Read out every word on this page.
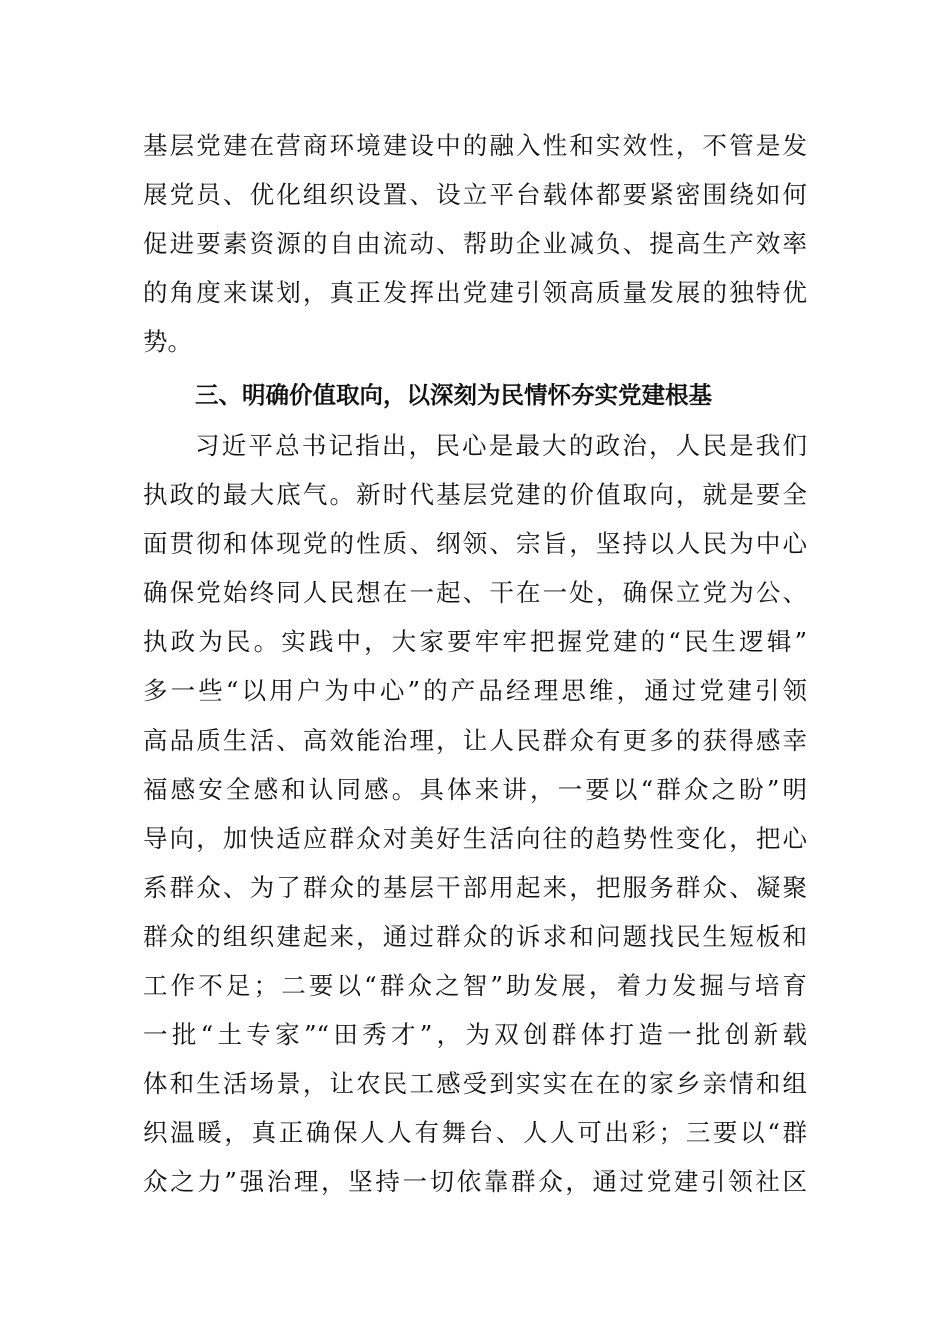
基层党建在营商环境建设中的融入性和实效性，不管是发
展党员、优化组织设置、设立平台载体都要紧密围绕如何
促进要素资源的自由流动、帮助企业减负、提高生产效率
的角度来谋划，真正发挥出党建引领高质量发展的独特优
势。
三、明确价值取向，以深刻为民情怀夯实党建根基
习近平总书记指出，民心是最大的政治，人民是我们
执政的最大底气。新时代基层党建的价值取向，就是要全
面贯彻和体现党的性质、纲领、宗旨，坚持以人民为中心
确保党始终同人民想在一起、干在一处，确保立党为公、
执政为民。实践中，大家要牢牢把握党建的“民生逻辑”
多一些“以用户为中心”的产品经理思维，通过党建引领
高品质生活、高效能治理，让人民群众有更多的获得感幸
福感安全感和认同感。具体来讲，一要以“群众之盼”明
导向，加快适应群众对美好生活向往的趋势性变化，把心
系群众、为了群众的基层干部用起来，把服务群众、凝聚
群众的组织建起来，通过群众的诉求和问题找民生短板和
工作不足；二要以“群众之智”助发展，着力发掘与培育
一批“土专家”“田秀才”，为双创群体打造一批创新载
体和生活场景，让农民工感受到实实在在的家乡亲情和组
织温暖，真正确保人人有舞台、人人可出彩；三要以“群
众之力”强治理，坚持一切依靠群众，通过党建引领社区
